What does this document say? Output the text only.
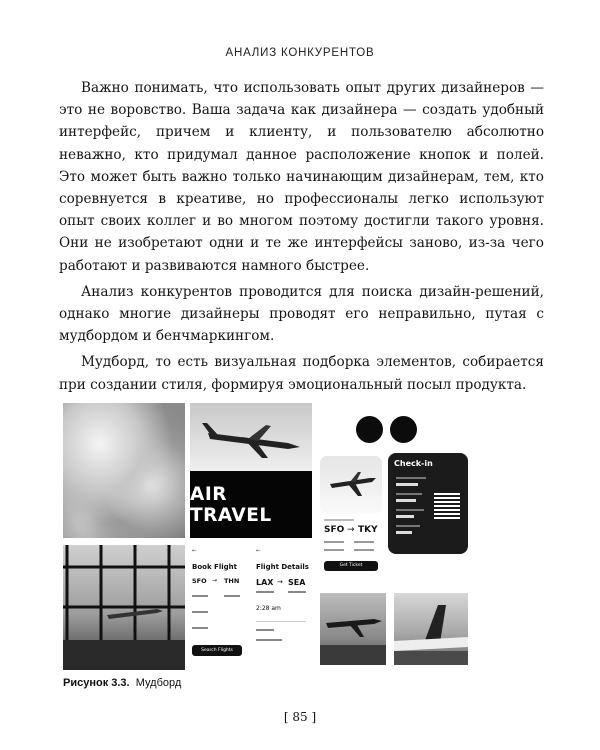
АНАЛИЗ КОНКУРЕНТОВ

Важно понимать, что использовать опыт других дизайнеров — это не воровство. Ваша задача как дизайнера — создать удобный интерфейс, причем и клиенту, и пользователю абсолютно неважно, кто придумал данное расположение кнопок и полей. Это может быть важно только начинающим дизайнерам, тем, кто соревнуется в креативе, но профессионалы легко используют опыт своих коллег и во многом поэтому достигли такого уровня. Они не изобретают одни и те же интерфейсы заново, из-за чего работают и развиваются намного быстрее.

Анализ конкурентов проводится для поиска дизайн-решений, однако многие дизайнеры проводят его неправильно, путая с мудбордом и бенчмаркингом.

Мудборд, то есть визуальная подборка элементов, собирается при создании стиля, формируя эмоциональный посыл продукта.

AIR TRAVEL
SFO → TKY
Get Ticket
Check-in
←
Book Flight
SFO → THN
Search Flights
←
Flight Details
LAX → SEA
2:28 am
Рисунок 3.3. Мудборд
[ 85 ]
